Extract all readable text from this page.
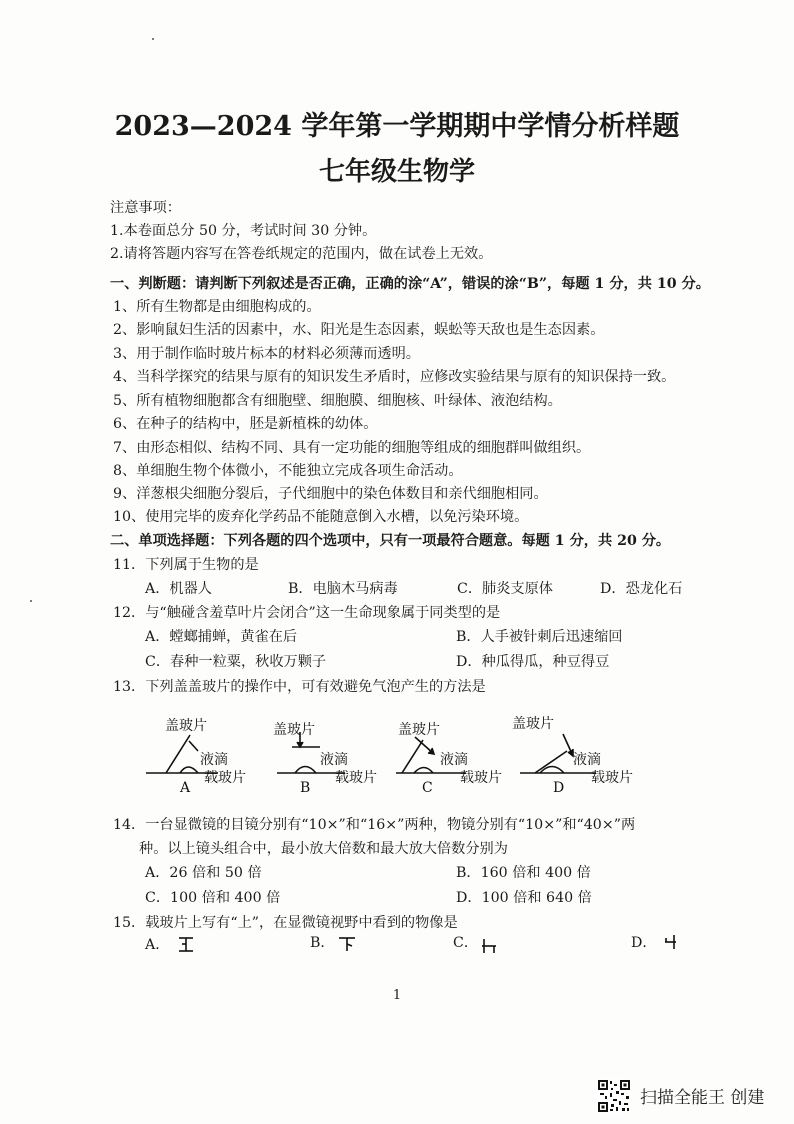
2023—2024 学年第一学期期中学情分析样题
七年级生物学
注意事项：
1.本卷面总分 50 分，考试时间 30 分钟。
2.请将答题内容写在答卷纸规定的范围内，做在试卷上无效。
一、判断题：请判断下列叙述是否正确，正确的涂“A”，错误的涂“B”，每题 1 分，共 10 分。
1、所有生物都是由细胞构成的。
2、影响鼠妇生活的因素中，水、阳光是生态因素，蜈蚣等天敌也是生态因素。
3、用于制作临时玻片标本的材料必须薄而透明。
4、当科学探究的结果与原有的知识发生矛盾时，应修改实验结果与原有的知识保持一致。
5、所有植物细胞都含有细胞壁、细胞膜、细胞核、叶绿体、液泡结构。
6、在种子的结构中，胚是新植株的幼体。
7、由形态相似、结构不同、具有一定功能的细胞等组成的细胞群叫做组织。
8、单细胞生物个体微小，不能独立完成各项生命活动。
9、洋葱根尖细胞分裂后，子代细胞中的染色体数目和亲代细胞相同。
10、使用完毕的废弃化学药品不能随意倒入水槽，以免污染环境。
二、单项选择题：下列各题的四个选项中，只有一项最符合题意。每题 1 分，共 20 分。
11．下列属于生物的是
A．机器人	B．电脑木马病毒	C．肺炎支原体	D．恐龙化石
12．与“触碰含羞草叶片会闭合”这一生命现象属于同类型的是
A．螳螂捕蝉，黄雀在后	B．人手被针刺后迅速缩回
C．春种一粒粟，秋收万颗子	D．种瓜得瓜，种豆得豆
13．下列盖盖玻片的操作中，可有效避免气泡产生的方法是
盖玻片
液滴
载玻片
A
盖玻片
液滴
载玻片
B
盖玻片
液滴
载玻片
C
盖玻片
液滴
载玻片
D
14．一台显微镜的目镜分别有“10×”和“16×”两种，物镜分别有“10×”和“40×”两
种。以上镜头组合中，最小放大倍数和最大放大倍数分别为
A．26 倍和 50 倍	B．160 倍和 400 倍
C．100 倍和 400 倍	D．100 倍和 640 倍
15．载玻片上写有“上”，在显微镜视野中看到的物像是
A．	B．	C．	D．
1
扫描全能王 创建
